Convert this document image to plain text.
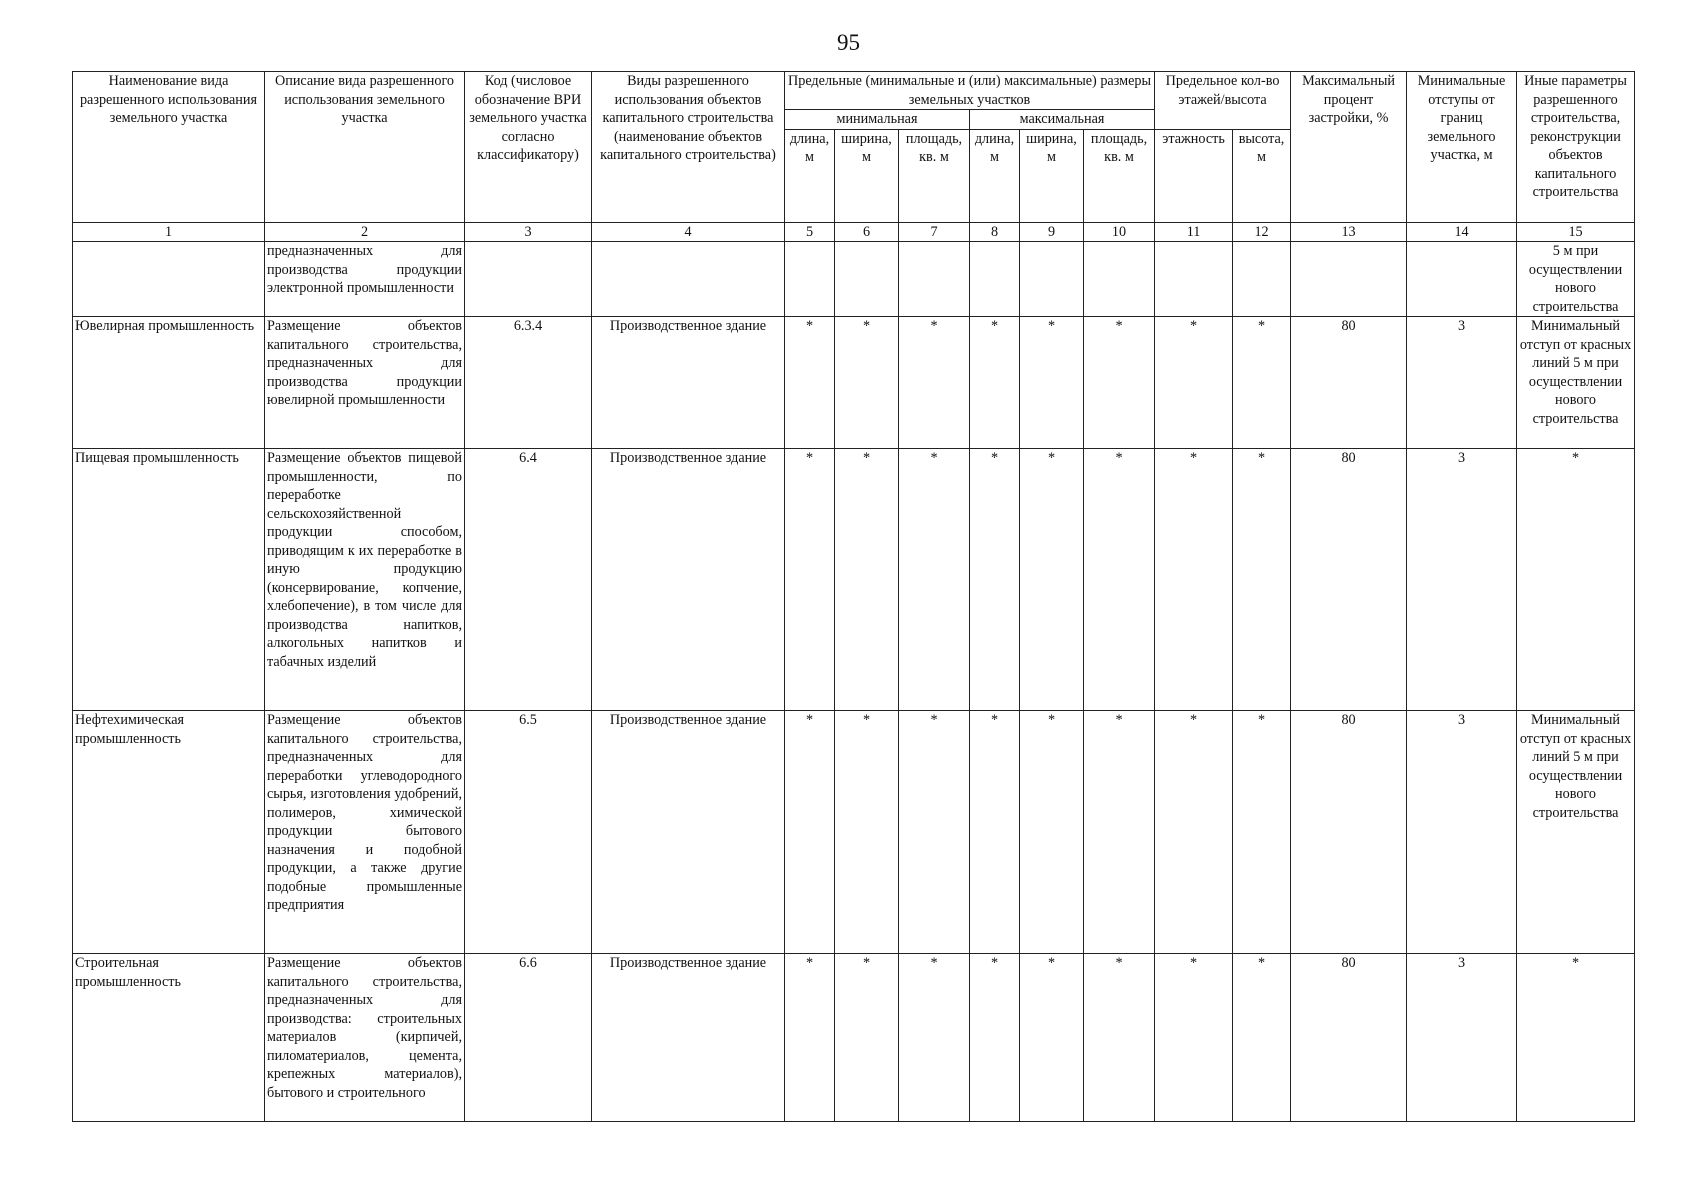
95
Наименование вида разрешенного использования земельного участка	Описание вида разрешенного использования земельного участка	Код (числовое обозначение ВРИ земельного участка согласно классификатору)	Виды разрешенного использования объектов капитального строительства (наименование объектов капитального строительства)	Предельные (минимальные и (или) максимальные) размеры земельных участков						Предельное кол-во этажей/высота		Максимальный процент застройки, %	Минимальные отступы от границ земельного участка, м	Иные параметры разрешенного строительства, реконструкции объектов капитального строительства
				минимальная			максимальная							
				длина, м	ширина, м	площадь, кв. м	длина, м	ширина, м	площадь, кв. м	этажность	высота, м			
1	2	3	4	5	6	7	8	9	10	11	12	13	14	15
	предназначенных для производства продукции электронной промышленности													5 м при осуществлении нового строительства
Ювелирная промышленность	Размещение объектов капитального строительства, предназначенных для производства продукции ювелирной промышленности	6.3.4	Производственное здание	*	*	*	*	*	*	*	*	80	3	Минимальный отступ от красных линий 5 м при осуществлении нового строительства
Пищевая промышленность	Размещение объектов пищевой промышленности, по переработке сельскохозяйственной продукции способом, приводящим к их переработке в иную продукцию (консервирование, копчение, хлебопечение), в том числе для производства напитков, алкогольных напитков и табачных изделий	6.4	Производственное здание	*	*	*	*	*	*	*	*	80	3	*
Нефтехимическая промышленность	Размещение объектов капитального строительства, предназначенных для переработки углеводородного сырья, изготовления удобрений, полимеров, химической продукции бытового назначения и подобной продукции, а также другие подобные промышленные предприятия	6.5	Производственное здание	*	*	*	*	*	*	*	*	80	3	Минимальный отступ от красных линий 5 м при осуществлении нового строительства
Строительная промышленность	Размещение объектов капитального строительства, предназначенных для производства: строительных материалов (кирпичей, пиломатериалов, цемента, крепежных материалов), бытового и строительного	6.6	Производственное здание	*	*	*	*	*	*	*	*	80	3	*
